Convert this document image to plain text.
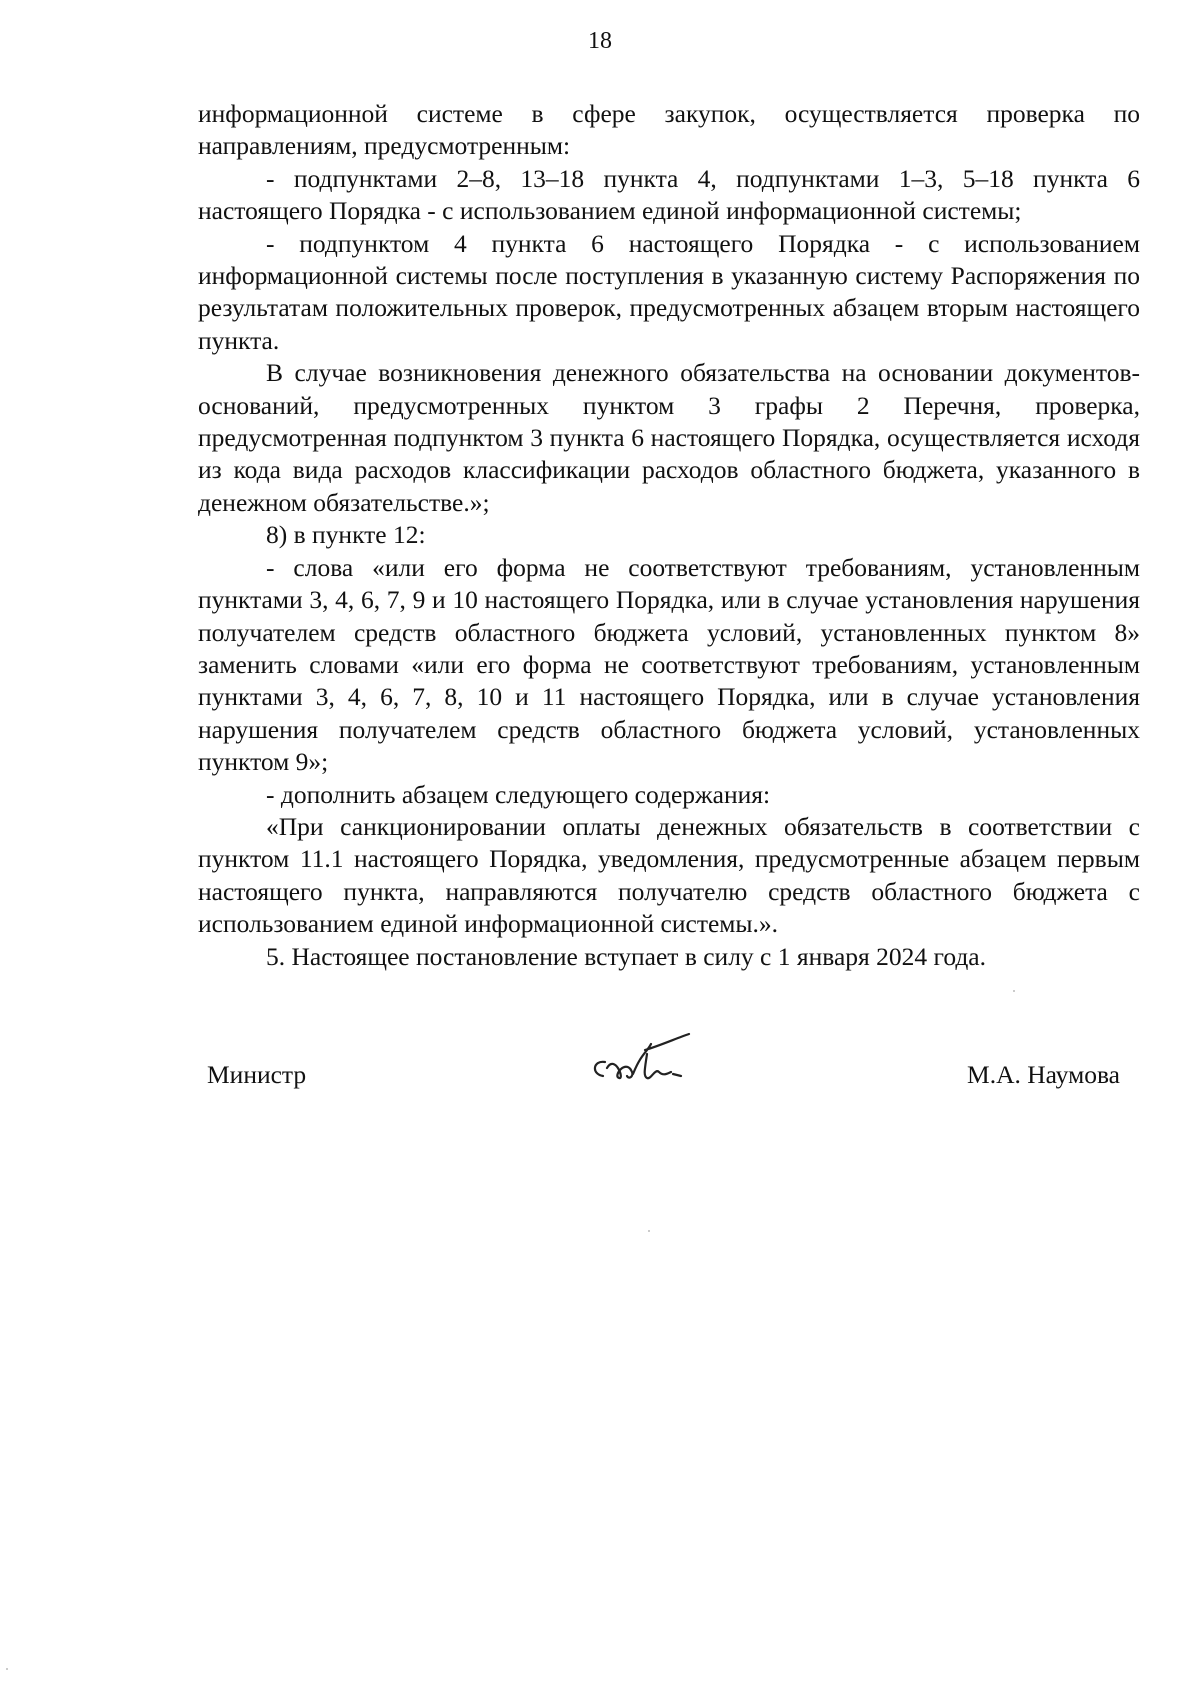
18

информационной системе в сфере закупок, осуществляется проверка по направлениям, предусмотренным:

- подпунктами 2–8, 13–18 пункта 4, подпунктами 1–3, 5–18 пункта 6 настоящего Порядка - с использованием единой информационной системы;

- подпунктом 4 пункта 6 настоящего Порядка - с использованием информационной системы после поступления в указанную систему Распоряжения по результатам положительных проверок, предусмотренных абзацем вторым настоящего пункта.

В случае возникновения денежного обязательства на основании документов-оснований, предусмотренных пунктом 3 графы 2 Перечня, проверка, предусмотренная подпунктом 3 пункта 6 настоящего Порядка, осуществляется исходя из кода вида расходов классификации расходов областного бюджета, указанного в денежном обязательстве.»;

8) в пункте 12:

- слова «или его форма не соответствуют требованиям, установленным пунктами 3, 4, 6, 7, 9 и 10 настоящего Порядка, или в случае установления нарушения получателем средств областного бюджета условий, установленных пунктом 8» заменить словами «или его форма не соответствуют требованиям, установленным пунктами 3, 4, 6, 7, 8, 10 и 11 настоящего Порядка, или в случае установления нарушения получателем средств областного бюджета условий, установленных пунктом 9»;

- дополнить абзацем следующего содержания:

«При санкционировании оплаты денежных обязательств в соответствии с пунктом 11.1 настоящего Порядка, уведомления, предусмотренные абзацем первым настоящего пункта, направляются получателю средств областного бюджета с использованием единой информационной системы.».

5. Настоящее постановление вступает в силу с 1 января 2024 года.

Министр	М.А. Наумова
